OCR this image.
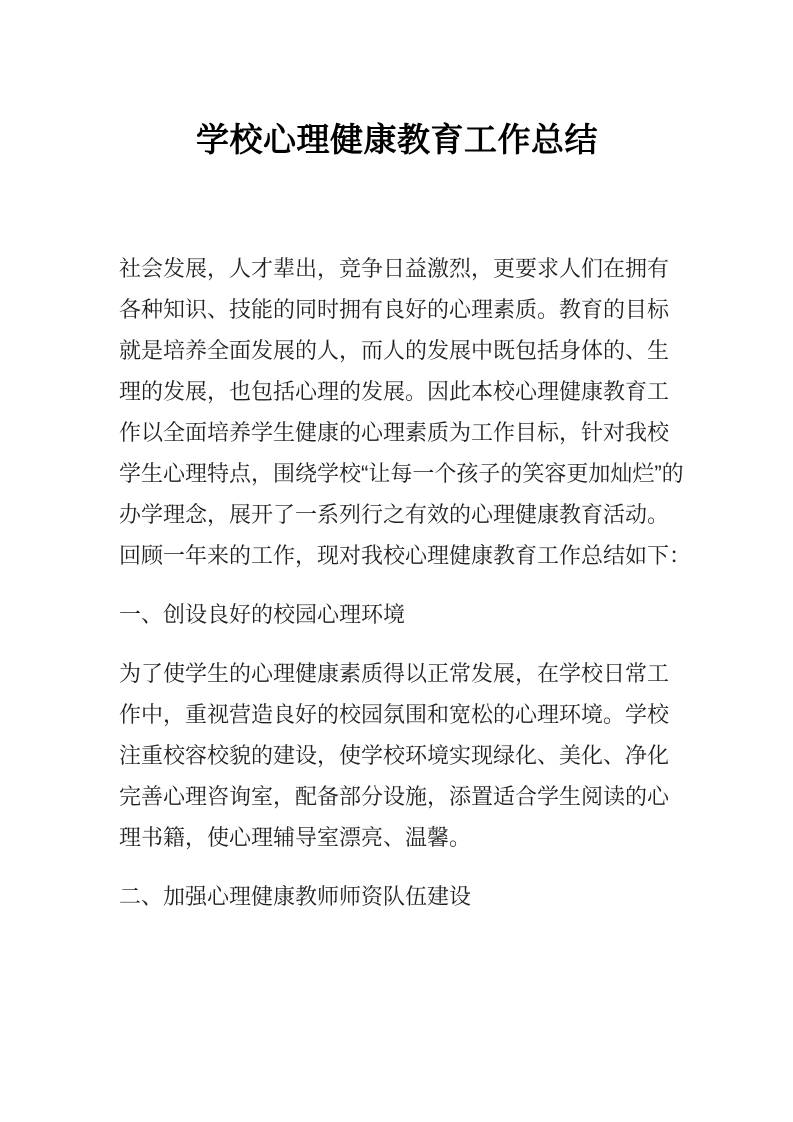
学校心理健康教育工作总结
社会发展，人才辈出，竞争日益激烈，更要求人们在拥有
各种知识、技能的同时拥有良好的心理素质。教育的目标
就是培养全面发展的人，而人的发展中既包括身体的、生
理的发展，也包括心理的发展。因此本校心理健康教育工
作以全面培养学生健康的心理素质为工作目标，针对我校
学生心理特点，围绕学校“让每一个孩子的笑容更加灿烂”的
办学理念，展开了一系列行之有效的心理健康教育活动。
回顾一年来的工作，现对我校心理健康教育工作总结如下：
一、创设良好的校园心理环境
为了使学生的心理健康素质得以正常发展，在学校日常工
作中，重视营造良好的校园氛围和宽松的心理环境。学校
注重校容校貌的建设，使学校环境实现绿化、美化、净化
完善心理咨询室，配备部分设施，添置适合学生阅读的心
理书籍，使心理辅导室漂亮、温馨。
二、加强心理健康教师师资队伍建设
